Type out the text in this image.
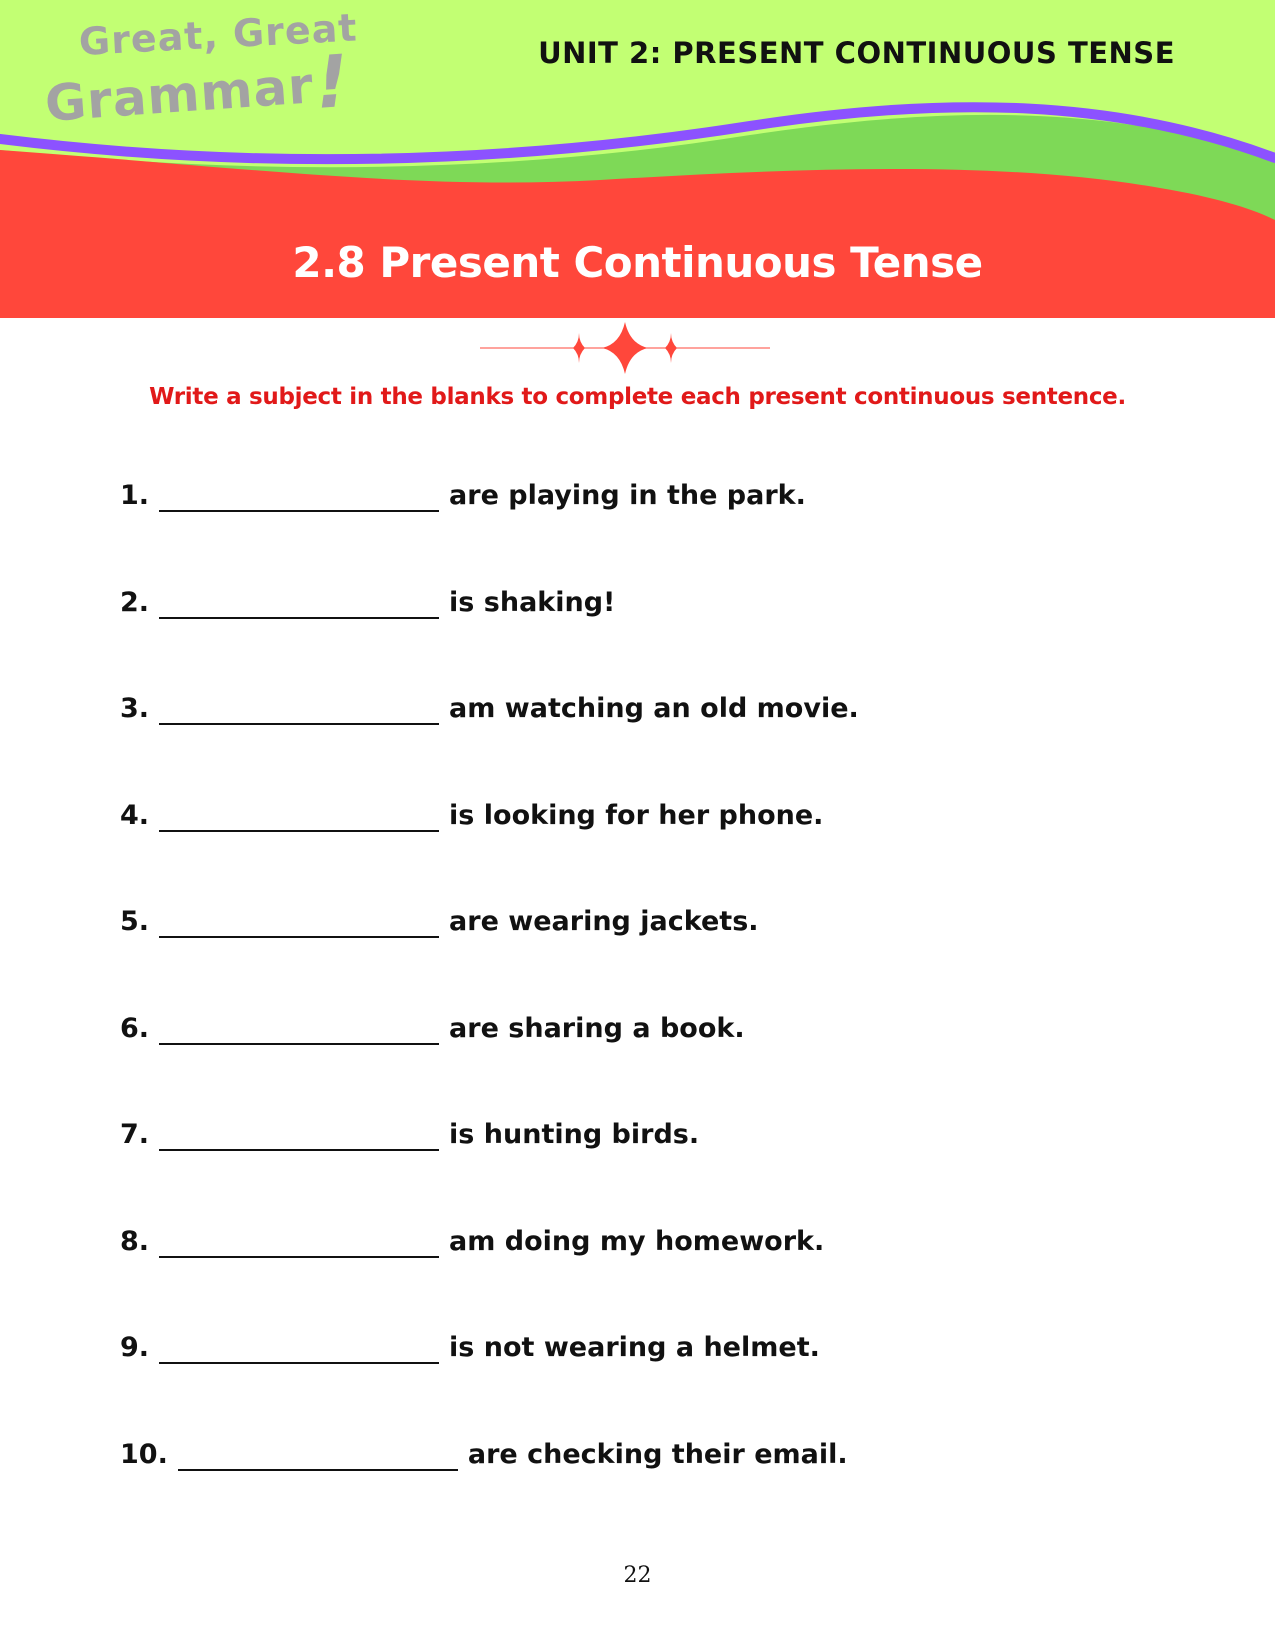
Great, Great
Grammar!	UNIT 2: PRESENT CONTINUOUS TENSE
2.8 Present Continuous Tense
Write a subject in the blanks to complete each present continuous sentence.
1.	are playing in the park.
2.	is shaking!
3.	am watching an old movie.
4.	is looking for her phone.
5.	are wearing jackets.
6.	are sharing a book.
7.	is hunting birds.
8.	am doing my homework.
9.	is not wearing a helmet.
10.	are checking their email.
22
